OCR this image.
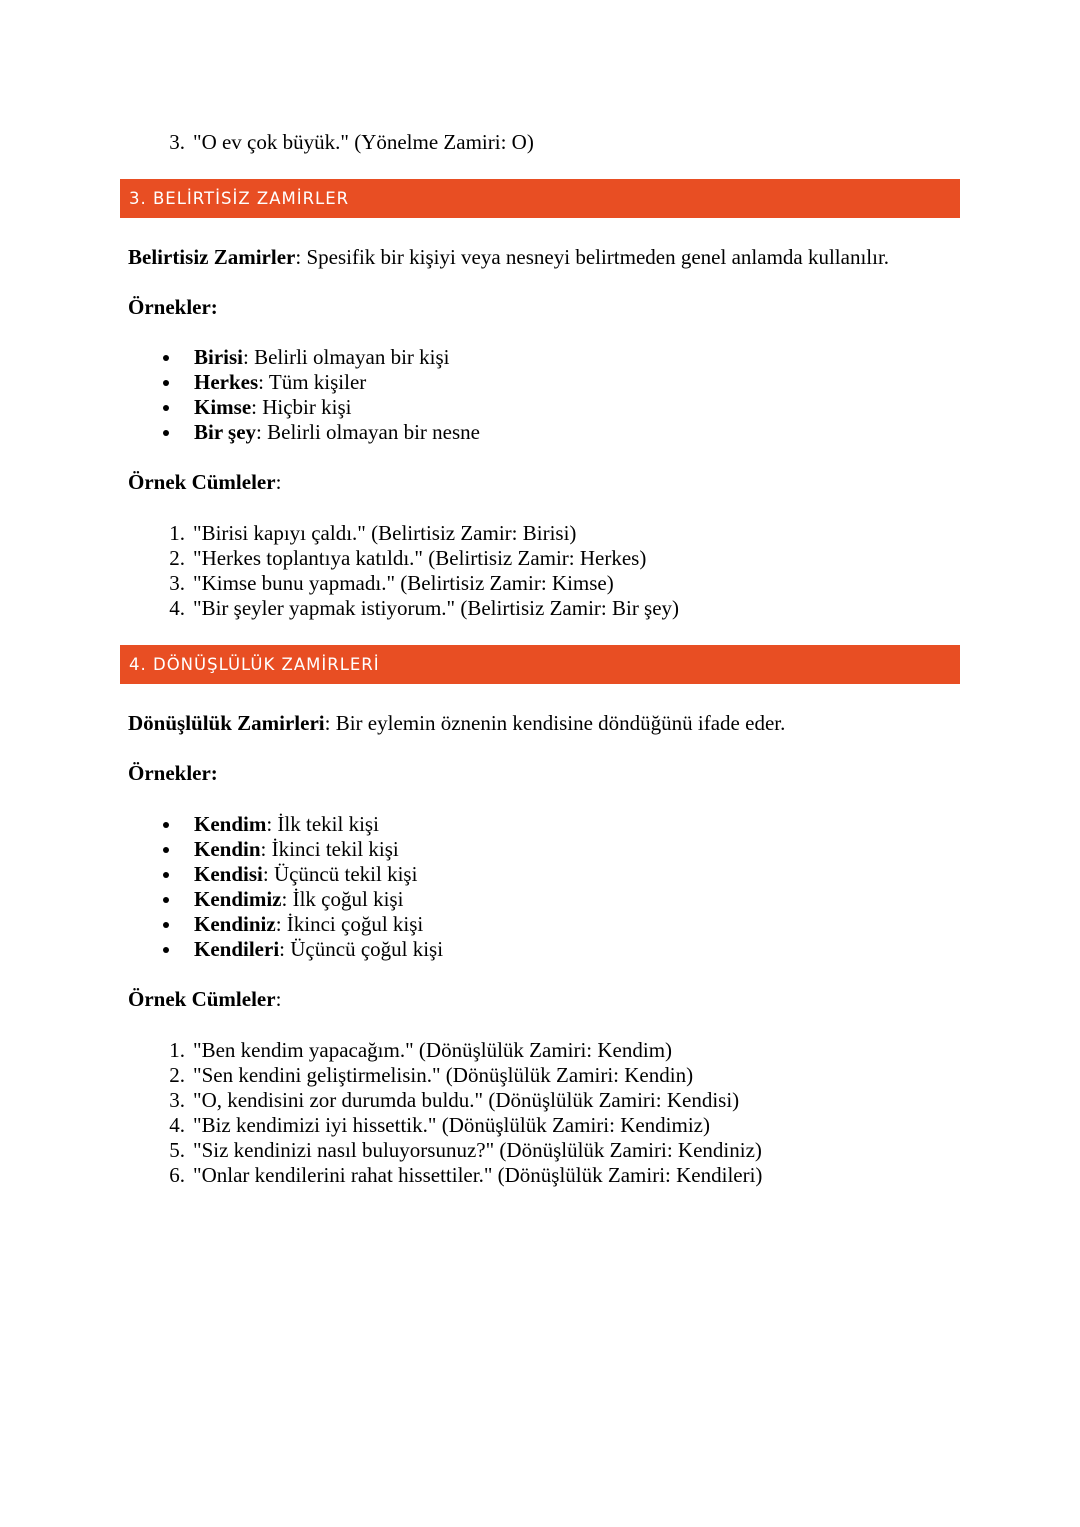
3. "O ev çok büyük." (Yönelme Zamiri: O)
3. BELİRTİSİZ ZAMİRLER
Belirtisiz Zamirler: Spesifik bir kişiyi veya nesneyi belirtmeden genel anlamda kullanılır.
Örnekler:
Birisi: Belirli olmayan bir kişi
Herkes: Tüm kişiler
Kimse: Hiçbir kişi
Bir şey: Belirli olmayan bir nesne
Örnek Cümleler:
1. "Birisi kapıyı çaldı." (Belirtisiz Zamir: Birisi)
2. "Herkes toplantıya katıldı." (Belirtisiz Zamir: Herkes)
3. "Kimse bunu yapmadı." (Belirtisiz Zamir: Kimse)
4. "Bir şeyler yapmak istiyorum." (Belirtisiz Zamir: Bir şey)
4. DÖNÜŞLÜLÜK ZAMİRLERİ
Dönüşlülük Zamirleri: Bir eylemin öznenin kendisine döndüğünü ifade eder.
Örnekler:
Kendim: İlk tekil kişi
Kendin: İkinci tekil kişi
Kendisi: Üçüncü tekil kişi
Kendimiz: İlk çoğul kişi
Kendiniz: İkinci çoğul kişi
Kendileri: Üçüncü çoğul kişi
Örnek Cümleler:
1. "Ben kendim yapacağım." (Dönüşlülük Zamiri: Kendim)
2. "Sen kendini geliştirmelisin." (Dönüşlülük Zamiri: Kendin)
3. "O, kendisini zor durumda buldu." (Dönüşlülük Zamiri: Kendisi)
4. "Biz kendimizi iyi hissettik." (Dönüşlülük Zamiri: Kendimiz)
5. "Siz kendinizi nasıl buluyorsunuz?" (Dönüşlülük Zamiri: Kendiniz)
6. "Onlar kendilerini rahat hissettiler." (Dönüşlülük Zamiri: Kendileri)
